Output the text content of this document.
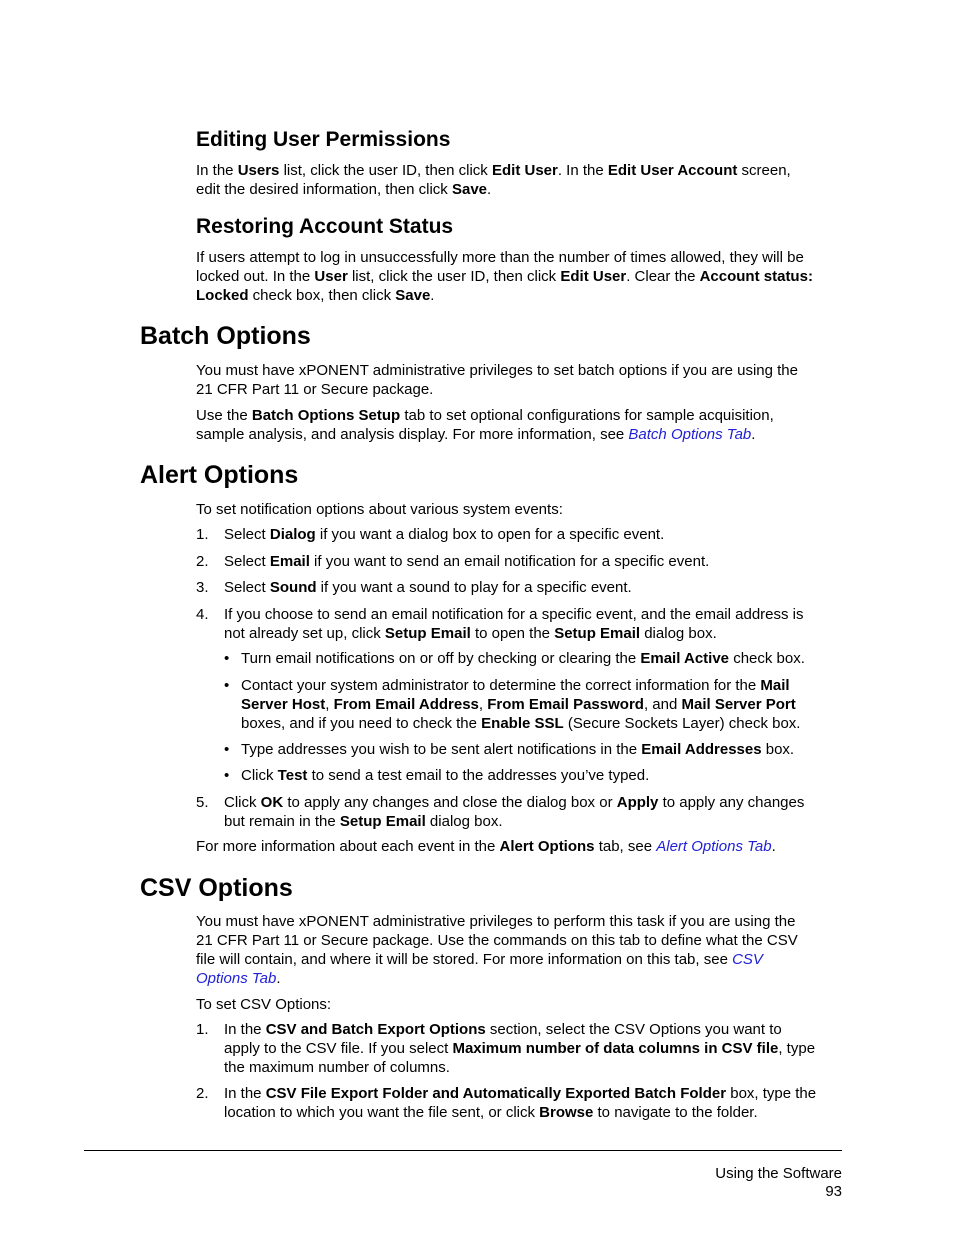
Editing User Permissions

In the Users list, click the user ID, then click Edit User. In the Edit User Account screen,
edit the desired information, then click Save.

Restoring Account Status

If users attempt to log in unsuccessfully more than the number of times allowed, they will be
locked out. In the User list, click the user ID, then click Edit User. Clear the Account status:
Locked check box, then click Save.

Batch Options

You must have xPONENT administrative privileges to set batch options if you are using the
21 CFR Part 11 or Secure package.

Use the Batch Options Setup tab to set optional configurations for sample acquisition,
sample analysis, and analysis display. For more information, see Batch Options Tab.

Alert Options

To set notification options about various system events:

1. Select Dialog if you want a dialog box to open for a specific event.
2. Select Email if you want to send an email notification for a specific event.
3. Select Sound if you want a sound to play for a specific event.
4. If you choose to send an email notification for a specific event, and the email address is
not already set up, click Setup Email to open the Setup Email dialog box.
• Turn email notifications on or off by checking or clearing the Email Active check box.
• Contact your system administrator to determine the correct information for the Mail
Server Host, From Email Address, From Email Password, and Mail Server Port
boxes, and if you need to check the Enable SSL (Secure Sockets Layer) check box.
• Type addresses you wish to be sent alert notifications in the Email Addresses box.
• Click Test to send a test email to the addresses you’ve typed.
5. Click OK to apply any changes and close the dialog box or Apply to apply any changes
but remain in the Setup Email dialog box.

For more information about each event in the Alert Options tab, see Alert Options Tab.

CSV Options

You must have xPONENT administrative privileges to perform this task if you are using the
21 CFR Part 11 or Secure package. Use the commands on this tab to define what the CSV
file will contain, and where it will be stored. For more information on this tab, see CSV
Options Tab.

To set CSV Options:

1. In the CSV and Batch Export Options section, select the CSV Options you want to
apply to the CSV file. If you select Maximum number of data columns in CSV file, type
the maximum number of columns.
2. In the CSV File Export Folder and Automatically Exported Batch Folder box, type the
location to which you want the file sent, or click Browse to navigate to the folder.
Using the Software
93
